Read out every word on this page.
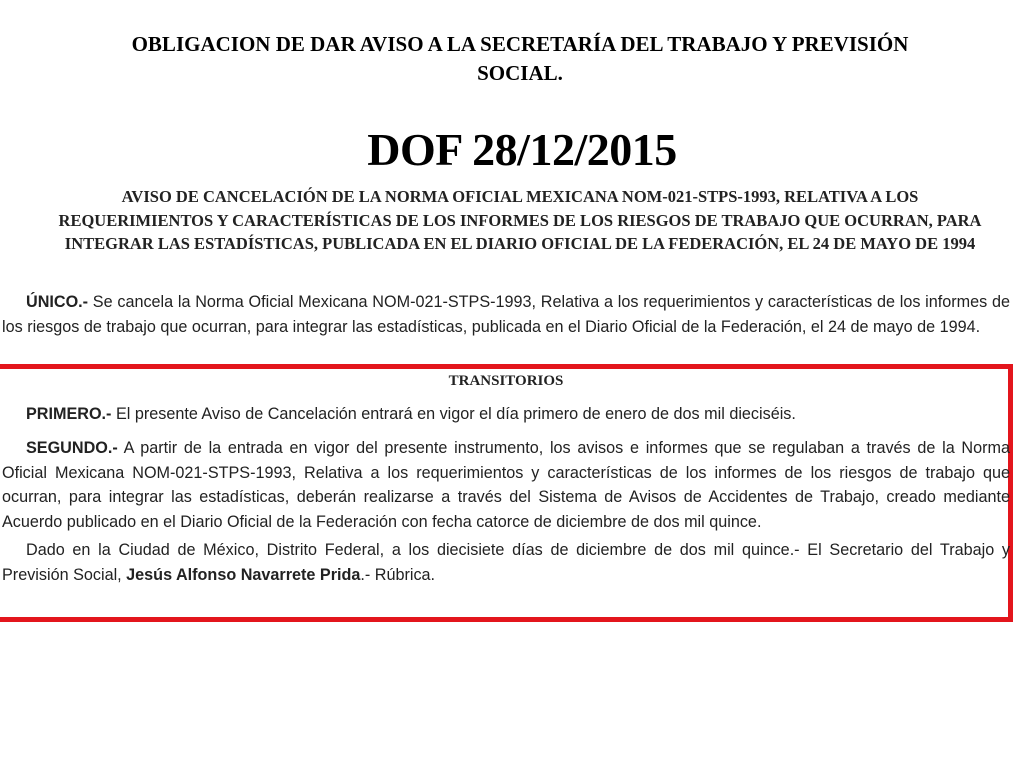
OBLIGACION DE DAR AVISO A LA SECRETARÍA DEL TRABAJO Y PREVISIÓN SOCIAL.
DOF 28/12/2015
AVISO DE CANCELACIÓN DE LA NORMA OFICIAL MEXICANA NOM-021-STPS-1993, RELATIVA A LOS REQUERIMIENTOS Y CARACTERÍSTICAS DE LOS INFORMES DE LOS RIESGOS DE TRABAJO QUE OCURRAN, PARA INTEGRAR LAS ESTADÍSTICAS, PUBLICADA EN EL DIARIO OFICIAL DE LA FEDERACIÓN, EL 24 DE MAYO DE 1994
ÚNICO.- Se cancela la Norma Oficial Mexicana NOM-021-STPS-1993, Relativa a los requerimientos y características de los informes de los riesgos de trabajo que ocurran, para integrar las estadísticas, publicada en el Diario Oficial de la Federación, el 24 de mayo de 1994.
TRANSITORIOS
PRIMERO.- El presente Aviso de Cancelación entrará en vigor el día primero de enero de dos mil dieciséis.
SEGUNDO.- A partir de la entrada en vigor del presente instrumento, los avisos e informes que se regulaban a través de la Norma Oficial Mexicana NOM-021-STPS-1993, Relativa a los requerimientos y características de los informes de los riesgos de trabajo que ocurran, para integrar las estadísticas, deberán realizarse a través del Sistema de Avisos de Accidentes de Trabajo, creado mediante Acuerdo publicado en el Diario Oficial de la Federación con fecha catorce de diciembre de dos mil quince.
Dado en la Ciudad de México, Distrito Federal, a los diecisiete días de diciembre de dos mil quince.- El Secretario del Trabajo y Previsión Social, Jesús Alfonso Navarrete Prida.- Rúbrica.
